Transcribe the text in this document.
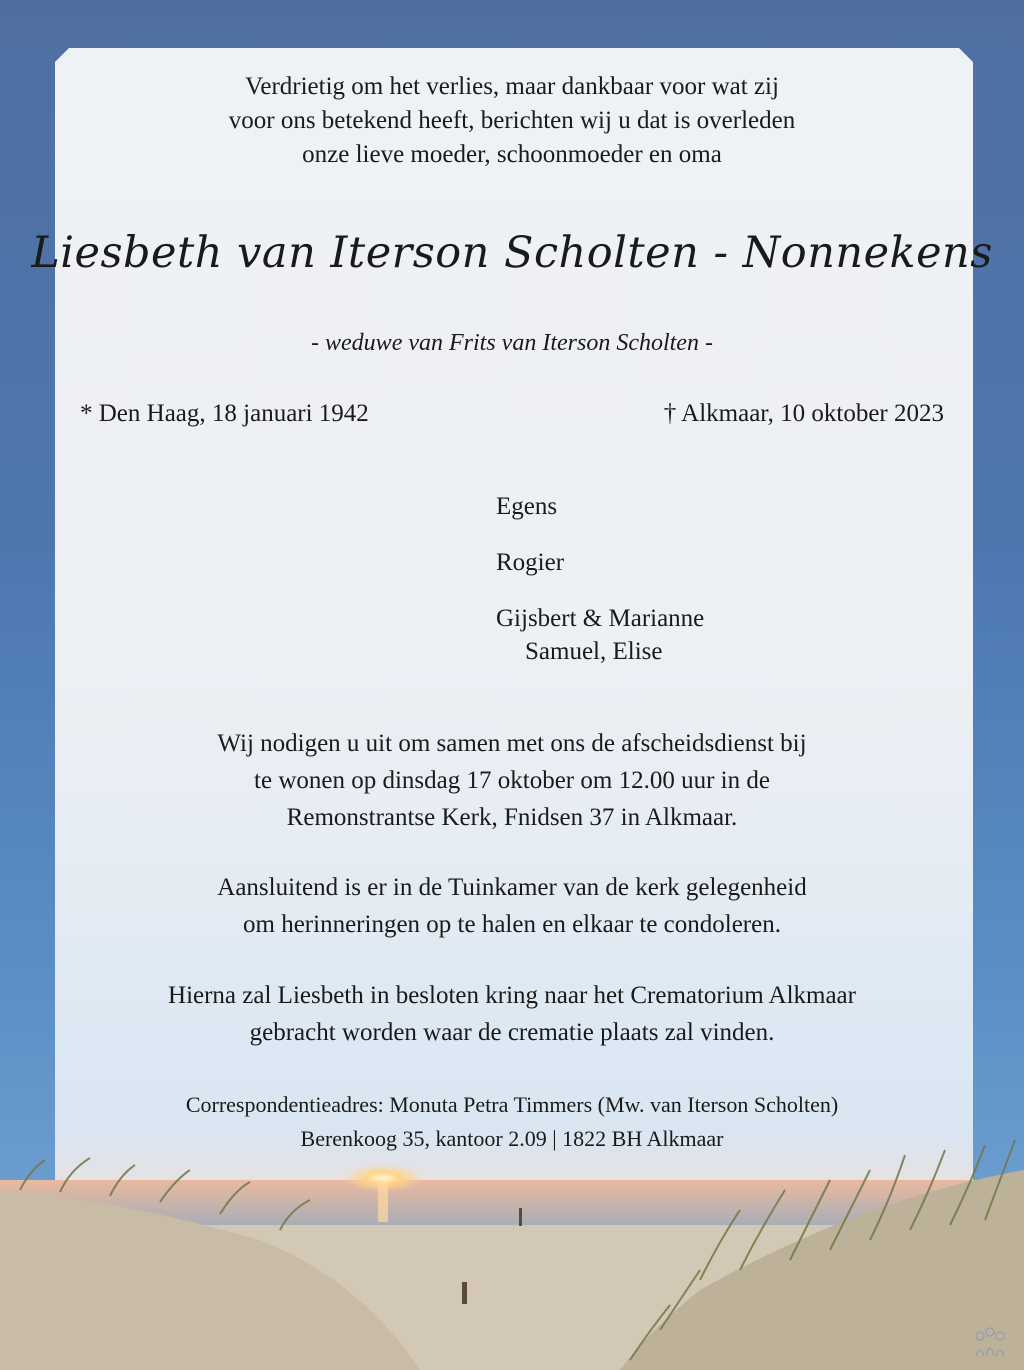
Verdrietig om het verlies, maar dankbaar voor wat zij
voor ons betekend heeft, berichten wij u dat is overleden
onze lieve moeder, schoonmoeder en oma

Liesbeth van Iterson Scholten - Nonnekens

- weduwe van Frits van Iterson Scholten -

* Den Haag, 18 januari 1942	† Alkmaar, 10 oktober 2023
Egens
Rogier
Gijsbert & Marianne
Samuel, Elise

Wij nodigen u uit om samen met ons de afscheidsdienst bij
te wonen op dinsdag 17 oktober om 12.00 uur in de
Remonstrantse Kerk, Fnidsen 37 in Alkmaar.

Aansluitend is er in de Tuinkamer van de kerk gelegenheid
om herinneringen op te halen en elkaar te condoleren.

Hierna zal Liesbeth in besloten kring naar het Crematorium Alkmaar
gebracht worden waar de crematie plaats zal vinden.

Correspondentieadres: Monuta Petra Timmers (Mw. van Iterson Scholten)
Berenkoog 35, kantoor 2.09 | 1822 BH Alkmaar
